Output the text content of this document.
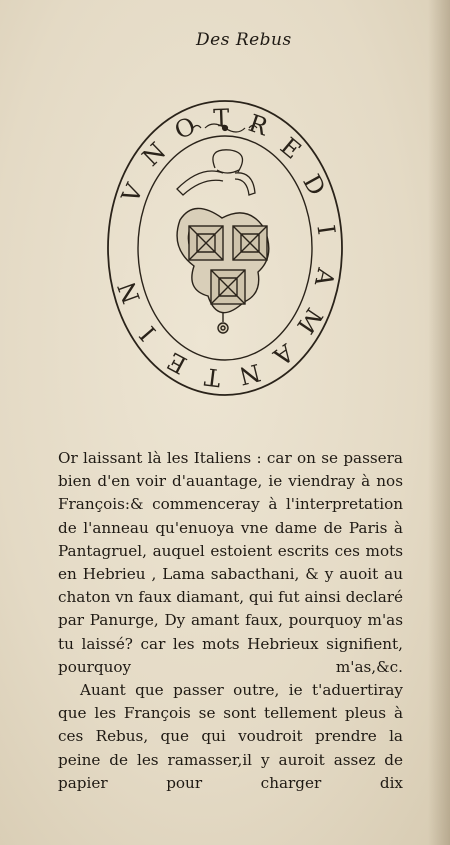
Des Rebus
V
N
O T R
E
D
I
A
M
A
N
T
E
I
N

Or laissant là les Italiens : car on se passera bien d'en voir d'auantage, ie viendray à nos François:& commenceray à l'interpretation de l'anneau qu'enuoya vne dame de Paris à Pantagruel, auquel estoient escrits ces mots en Hebrieu , Lama sabacthani, & y auoit au chaton vn faux diamant, qui fut ainsi declaré par Panurge, Dy amant faux, pourquoy m'as tu laissé? car les mots Hebrieux signifient, pourquoy m'as,&c.

Auant que passer outre, ie t'aduertiray que les François se sont tellement pleus à ces Rebus, que qui voudroit prendre la peine de les ramasser,il y auroit assez de papier pour charger dix
